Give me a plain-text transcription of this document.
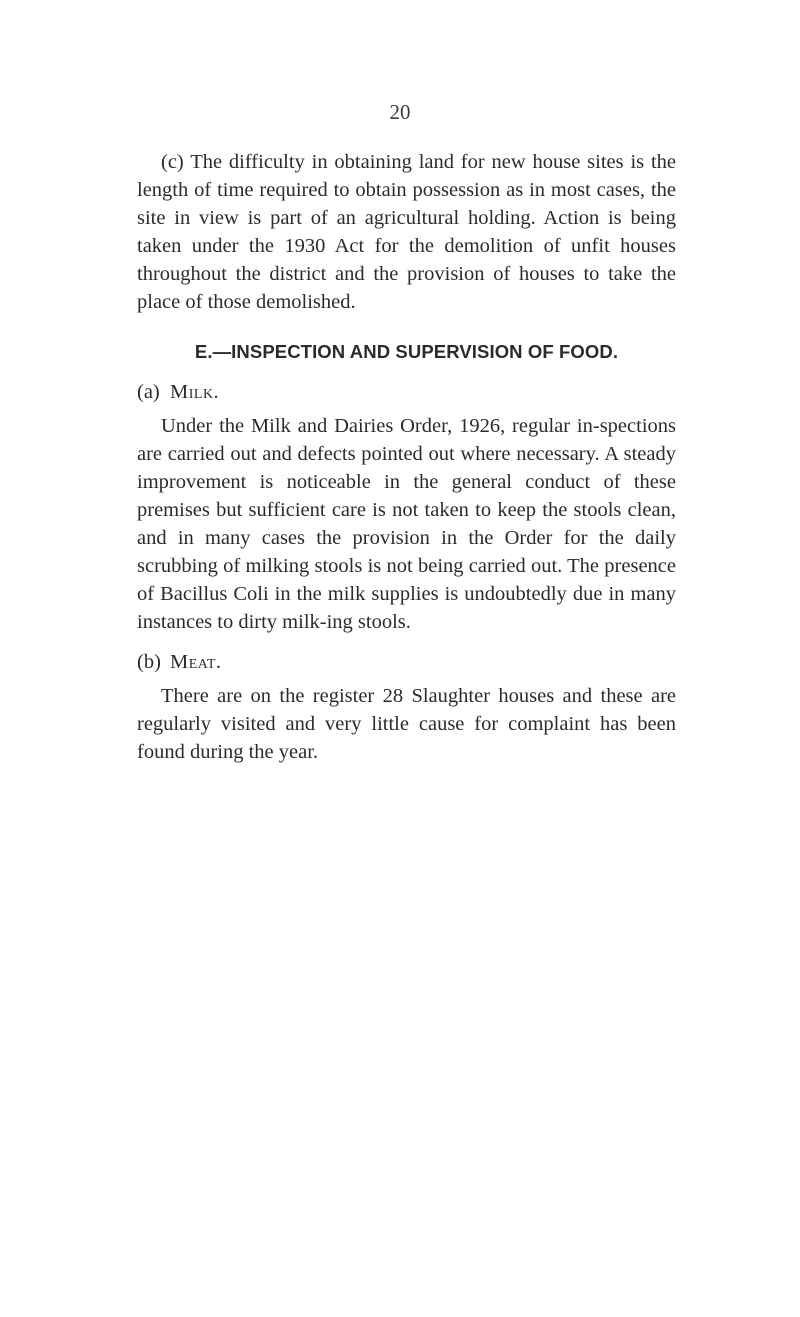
20

(c) The difficulty in obtaining land for new house sites is the length of time required to obtain possession as in most cases, the site in view is part of an agricultural holding. Action is being taken under the 1930 Act for the demolition of unfit houses throughout the district and the provision of houses to take the place of those demolished.

E.—INSPECTION AND SUPERVISION OF FOOD.
(a) Milk.

Under the Milk and Dairies Order, 1926, regular in-spections are carried out and defects pointed out where necessary. A steady improvement is noticeable in the general conduct of these premises but sufficient care is not taken to keep the stools clean, and in many cases the provision in the Order for the daily scrubbing of milking stools is not being carried out. The presence of Bacillus Coli in the milk supplies is undoubtedly due in many instances to dirty milk-ing stools.

(b) Meat.

There are on the register 28 Slaughter houses and these are regularly visited and very little cause for complaint has been found during the year.
